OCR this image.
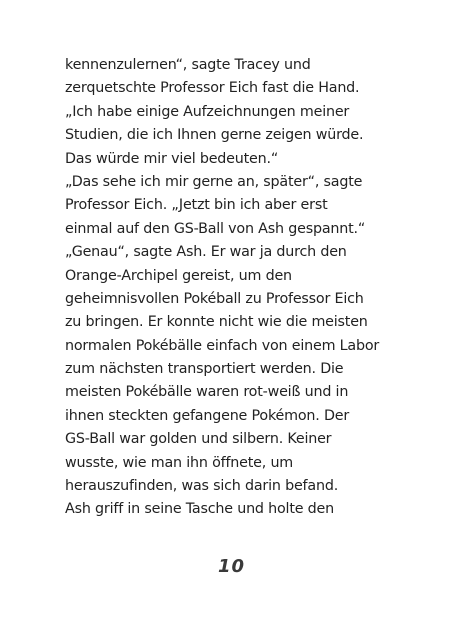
kennenzulernen“, sagte Tracey und
zerquetschte Professor Eich fast die Hand.
„Ich habe einige Aufzeichnungen meiner
Studien, die ich Ihnen gerne zeigen würde.
Das würde mir viel bedeuten.“
„Das sehe ich mir gerne an, später“, sagte
Professor Eich. „Jetzt bin ich aber erst
einmal auf den GS-Ball von Ash gespannt.“
„Genau“, sagte Ash. Er war ja durch den
Orange-Archipel gereist, um den
geheimnisvollen Pokéball zu Professor Eich
zu bringen. Er konnte nicht wie die meisten
normalen Pokébälle einfach von einem Labor
zum nächsten transportiert werden. Die
meisten Pokébälle waren rot-weiß und in
ihnen steckten gefangene Pokémon. Der
GS-Ball war golden und silbern. Keiner
wusste, wie man ihn öffnete, um
herauszufinden, was sich darin befand.
Ash griff in seine Tasche und holte den
10
